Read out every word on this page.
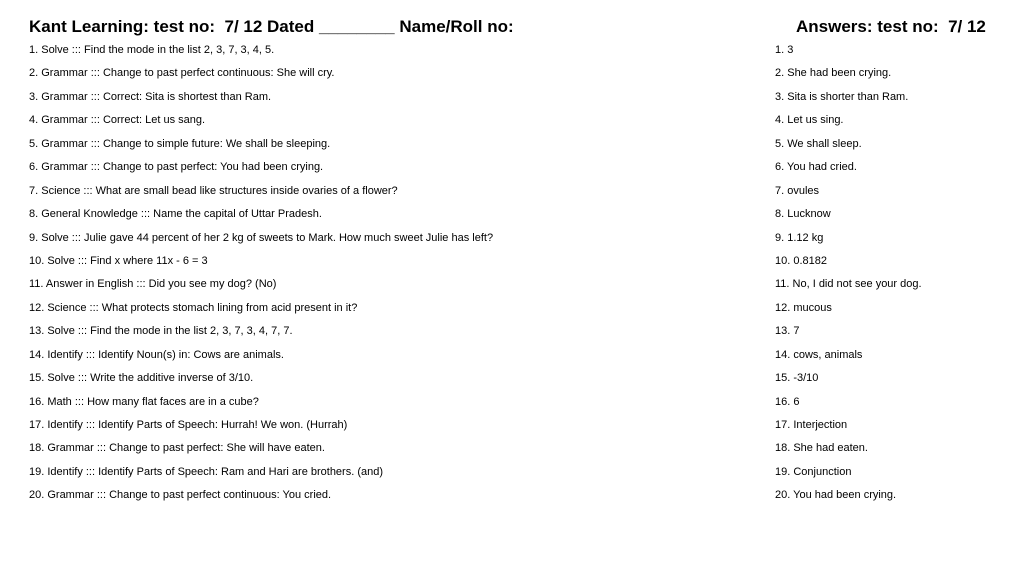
Kant Learning: test no:  7/ 12 Dated ________ Name/Roll no:	Answers: test no:  7/ 12
1. Solve ::: Find the mode in the list 2, 3, 7, 3, 4, 5.
2. Grammar ::: Change to past perfect continuous: She will cry.
3. Grammar ::: Correct: Sita is shortest than Ram.
4. Grammar ::: Correct: Let us sang.
5. Grammar ::: Change to simple future: We shall be sleeping.
6. Grammar ::: Change to past perfect: You had been crying.
7. Science ::: What are small bead like structures inside ovaries of a flower?
8. General Knowledge ::: Name the capital of Uttar Pradesh.
9. Solve ::: Julie gave 44 percent of her 2 kg of sweets to Mark. How much sweet Julie has left?
10. Solve ::: Find x where 11x - 6 = 3
11. Answer in English ::: Did you see my dog? (No)
12. Science ::: What protects stomach lining from acid present in it?
13. Solve ::: Find the mode in the list 2, 3, 7, 3, 4, 7, 7.
14. Identify ::: Identify Noun(s) in: Cows are animals.
15. Solve ::: Write the additive inverse of 3/10.
16. Math ::: How many flat faces are in a cube?
17. Identify ::: Identify Parts of Speech: Hurrah! We won. (Hurrah)
18. Grammar ::: Change to past perfect: She will have eaten.
19. Identify ::: Identify Parts of Speech: Ram and Hari are brothers. (and)
20. Grammar ::: Change to past perfect continuous: You cried.
1. 3
2. She had been crying.
3. Sita is shorter than Ram.
4. Let us sing.
5. We shall sleep.
6. You had cried.
7. ovules
8. Lucknow
9. 1.12 kg
10. 0.8182
11. No, I did not see your dog.
12. mucous
13. 7
14. cows, animals
15. -3/10
16. 6
17. Interjection
18. She had eaten.
19. Conjunction
20. You had been crying.
